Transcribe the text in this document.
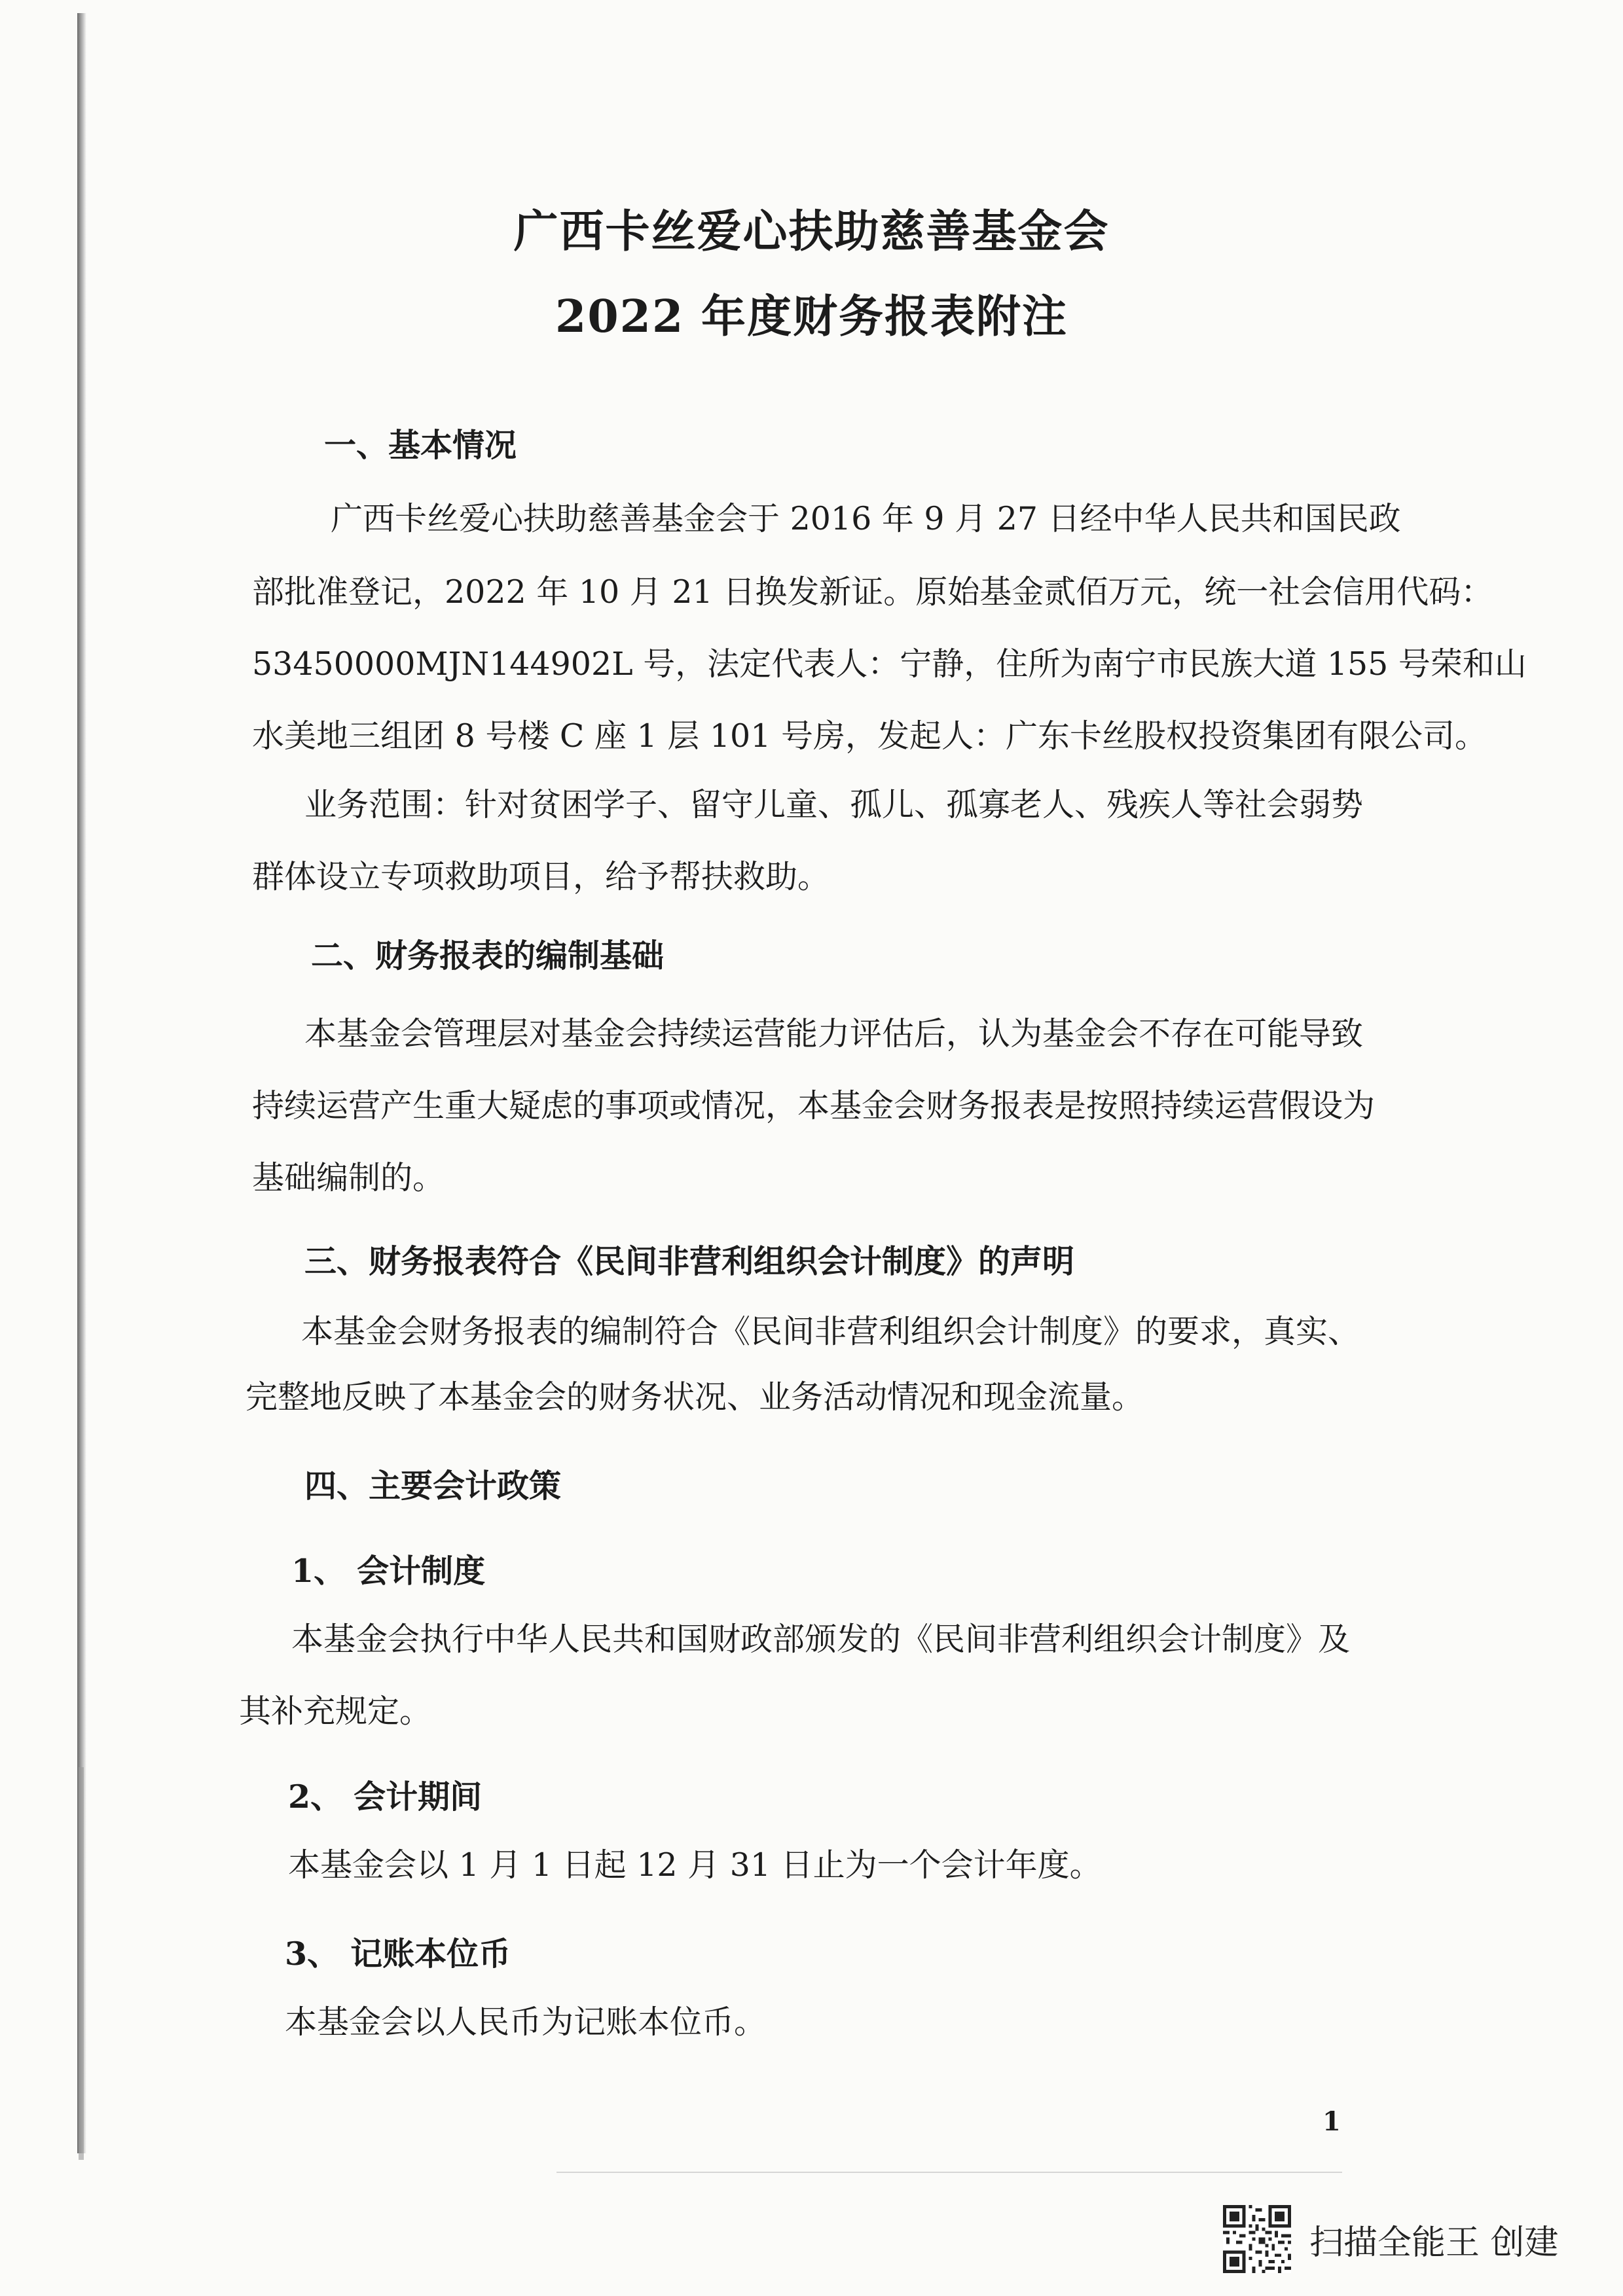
广西卡丝爱心扶助慈善基金会
2022 年度财务报表附注
一、基本情况
广西卡丝爱心扶助慈善基金会于 2016 年 9 月 27 日经中华人民共和国民政
部批准登记，2022 年 10 月 21 日换发新证。原始基金贰佰万元，统一社会信用代码：
53450000MJN144902L 号，法定代表人：宁静，住所为南宁市民族大道 155 号荣和山
水美地三组团 8 号楼 C 座 1 层 101 号房，发起人：广东卡丝股权投资集团有限公司。
业务范围：针对贫困学子、留守儿童、孤儿、孤寡老人、残疾人等社会弱势
群体设立专项救助项目，给予帮扶救助。
二、财务报表的编制基础
本基金会管理层对基金会持续运营能力评估后，认为基金会不存在可能导致
持续运营产生重大疑虑的事项或情况，本基金会财务报表是按照持续运营假设为
基础编制的。
三、财务报表符合《民间非营利组织会计制度》的声明
本基金会财务报表的编制符合《民间非营利组织会计制度》的要求，真实、
完整地反映了本基金会的财务状况、业务活动情况和现金流量。
四、主要会计政策
1、 会计制度
本基金会执行中华人民共和国财政部颁发的《民间非营利组织会计制度》及
其补充规定。
2、 会计期间
本基金会以 1 月 1 日起 12 月 31 日止为一个会计年度。
3、 记账本位币
本基金会以人民币为记账本位币。
1
扫描全能王 创建
